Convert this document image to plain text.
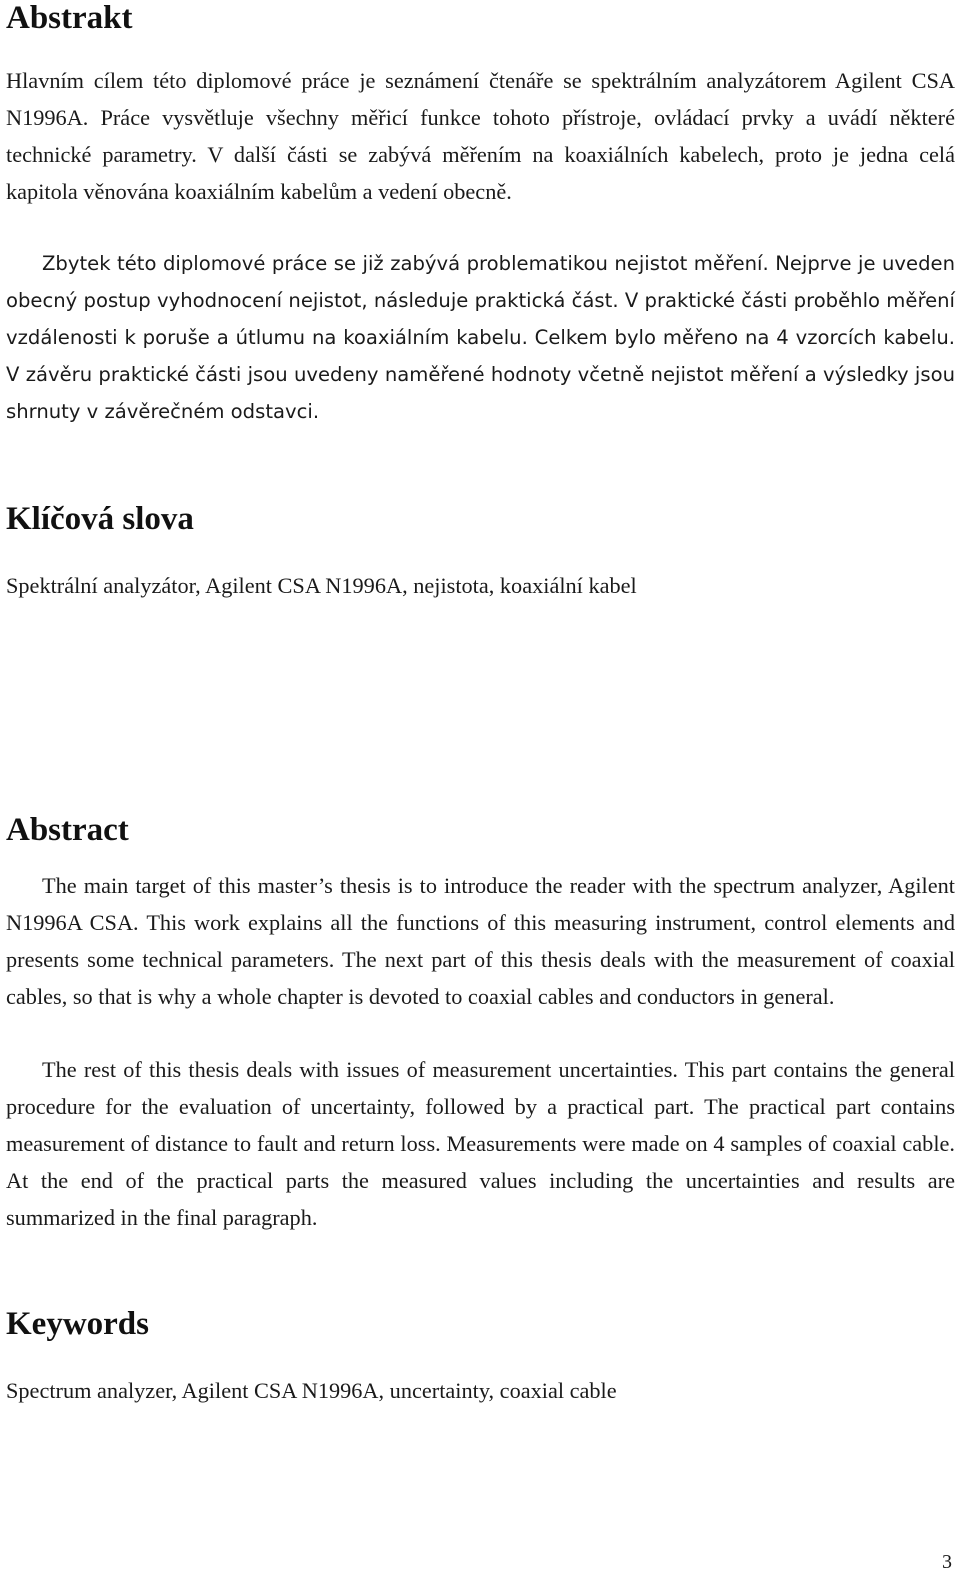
Abstrakt

Hlavním cílem této diplomové práce je seznámení čtenáře se spektrálním analyzátorem Agilent CSA N1996A. Práce vysvětluje všechny měřicí funkce tohoto přístroje, ovládací prvky a uvádí některé technické parametry. V další části se zabývá měřením na koaxiálních kabelech, proto je jedna celá kapitola věnována koaxiálním kabelům a vedení obecně.

Zbytek této diplomové práce se již zabývá problematikou nejistot měření. Nejprve je uveden obecný postup vyhodnocení nejistot, následuje praktická část. V praktické části proběhlo měření vzdálenosti k poruše a útlumu na koaxiálním kabelu. Celkem bylo měřeno na 4 vzorcích kabelu. V závěru praktické části jsou uvedeny naměřené hodnoty včetně nejistot měření a výsledky jsou shrnuty v závěrečném odstavci.

Klíčová slova

Spektrální analyzátor, Agilent CSA N1996A, nejistota, koaxiální kabel

Abstract

The main target of this master’s thesis is to introduce the reader with the spectrum analyzer, Agilent N1996A CSA. This work explains all the functions of this measuring instrument, control elements and presents some technical parameters. The next part of this thesis deals with the measurement of coaxial cables, so that is why a whole chapter is devoted to coaxial cables and conductors in general.

The rest of this thesis deals with issues of measurement uncertainties. This part contains the general procedure for the evaluation of uncertainty, followed by a practical part. The practical part contains measurement of distance to fault and return loss. Measurements were made on 4 samples of coaxial cable. At the end of the practical parts the measured values including the uncertainties and results are summarized in the final paragraph.

Keywords

Spectrum analyzer, Agilent CSA N1996A, uncertainty, coaxial cable

3
